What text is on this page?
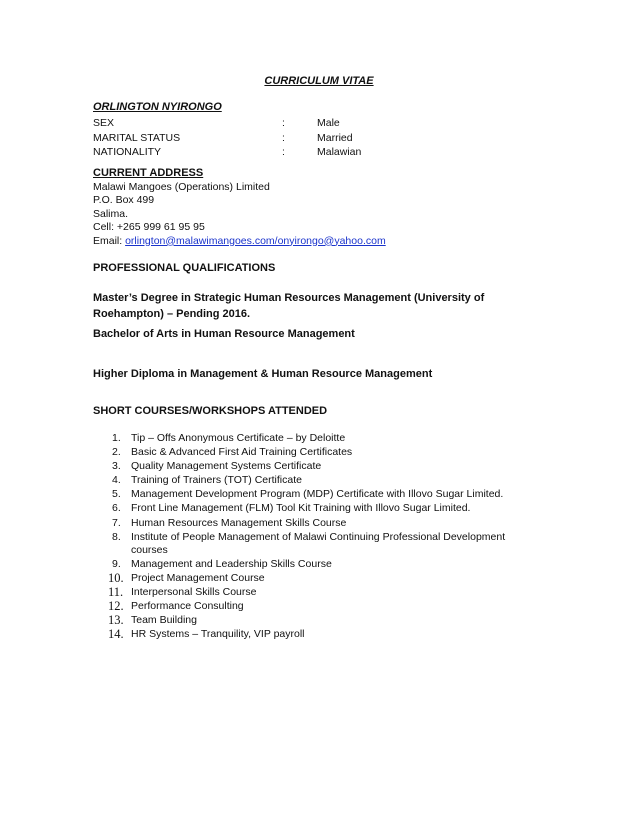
CURRICULUM VITAE
ORLINGTON NYIRONGO
SEX	:	Male
MARITAL STATUS	:	Married
NATIONALITY	:	Malawian
CURRENT ADDRESS
Malawi Mangoes (Operations) Limited
P.O. Box 499
Salima.
Cell: +265 999 61 95 95
Email: orlington@malawimangoes.com/onyirongo@yahoo.com
PROFESSIONAL QUALIFICATIONS
Master’s Degree in Strategic Human Resources Management (University of Roehampton) – Pending 2016.
Bachelor of Arts in Human Resource Management
Higher Diploma in Management & Human Resource Management
SHORT COURSES/WORKSHOPS ATTENDED
1. Tip – Offs Anonymous Certificate – by Deloitte
2. Basic & Advanced First Aid Training Certificates
3. Quality Management Systems Certificate
4. Training of Trainers (TOT) Certificate
5. Management Development Program (MDP) Certificate with Illovo Sugar Limited.
6. Front Line Management (FLM) Tool Kit Training with Illovo Sugar Limited.
7. Human Resources Management Skills Course
8. Institute of People Management of Malawi Continuing Professional Development courses
9. Management and Leadership Skills Course
10. Project Management Course
11. Interpersonal Skills Course
12. Performance Consulting
13. Team Building
14. HR Systems – Tranquility, VIP payroll
